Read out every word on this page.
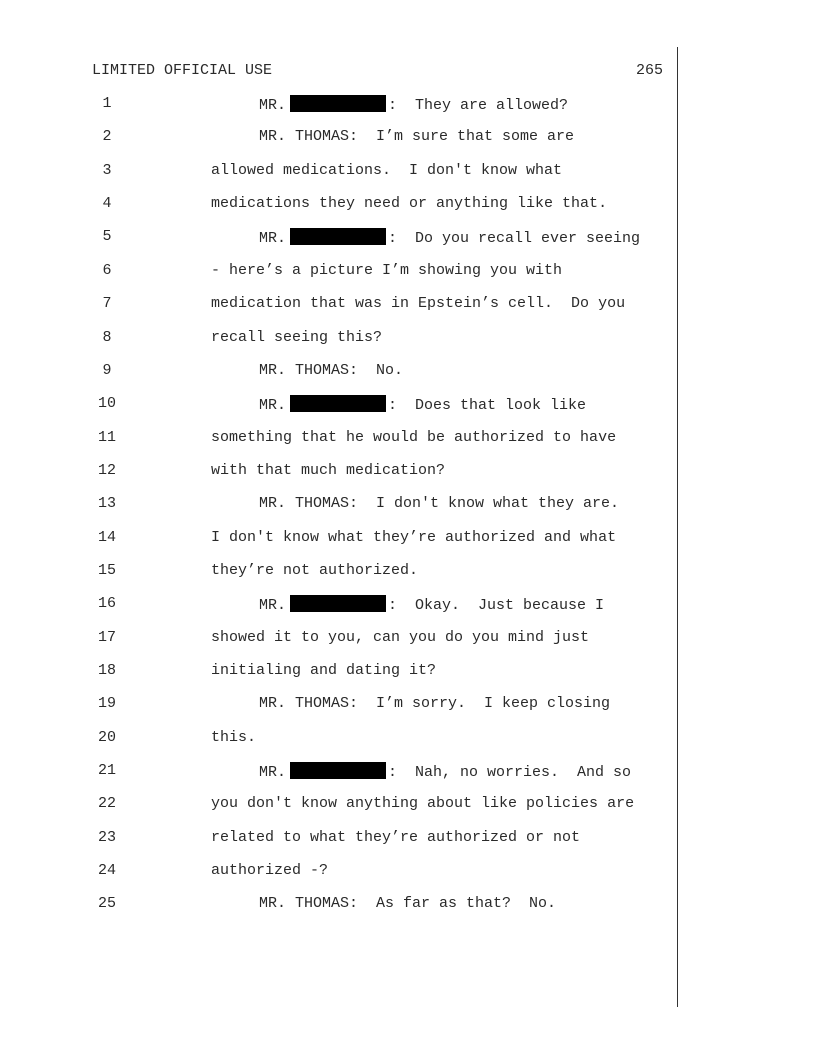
LIMITED OFFICIAL USE	265
1	MR.	:  They are allowed?
2	MR. THOMAS:  I’m sure that some are
3	allowed medications.  I don't know what
4	medications they need or anything like that.
5	MR.	:  Do you recall ever seeing
6	- here’s a picture I’m showing you with
7	medication that was in Epstein’s cell.  Do you
8	recall seeing this?
9	MR. THOMAS:  No.
10	MR.	:  Does that look like
11	something that he would be authorized to have
12	with that much medication?
13	MR. THOMAS:  I don't know what they are.
14	I don't know what they’re authorized and what
15	they’re not authorized.
16	MR.	:  Okay.  Just because I
17	showed it to you, can you do you mind just
18	initialing and dating it?
19	MR. THOMAS:  I’m sorry.  I keep closing
20	this.
21	MR.	:  Nah, no worries.  And so
22	you don't know anything about like policies are
23	related to what they’re authorized or not
24	authorized -?
25	MR. THOMAS:  As far as that?  No.
